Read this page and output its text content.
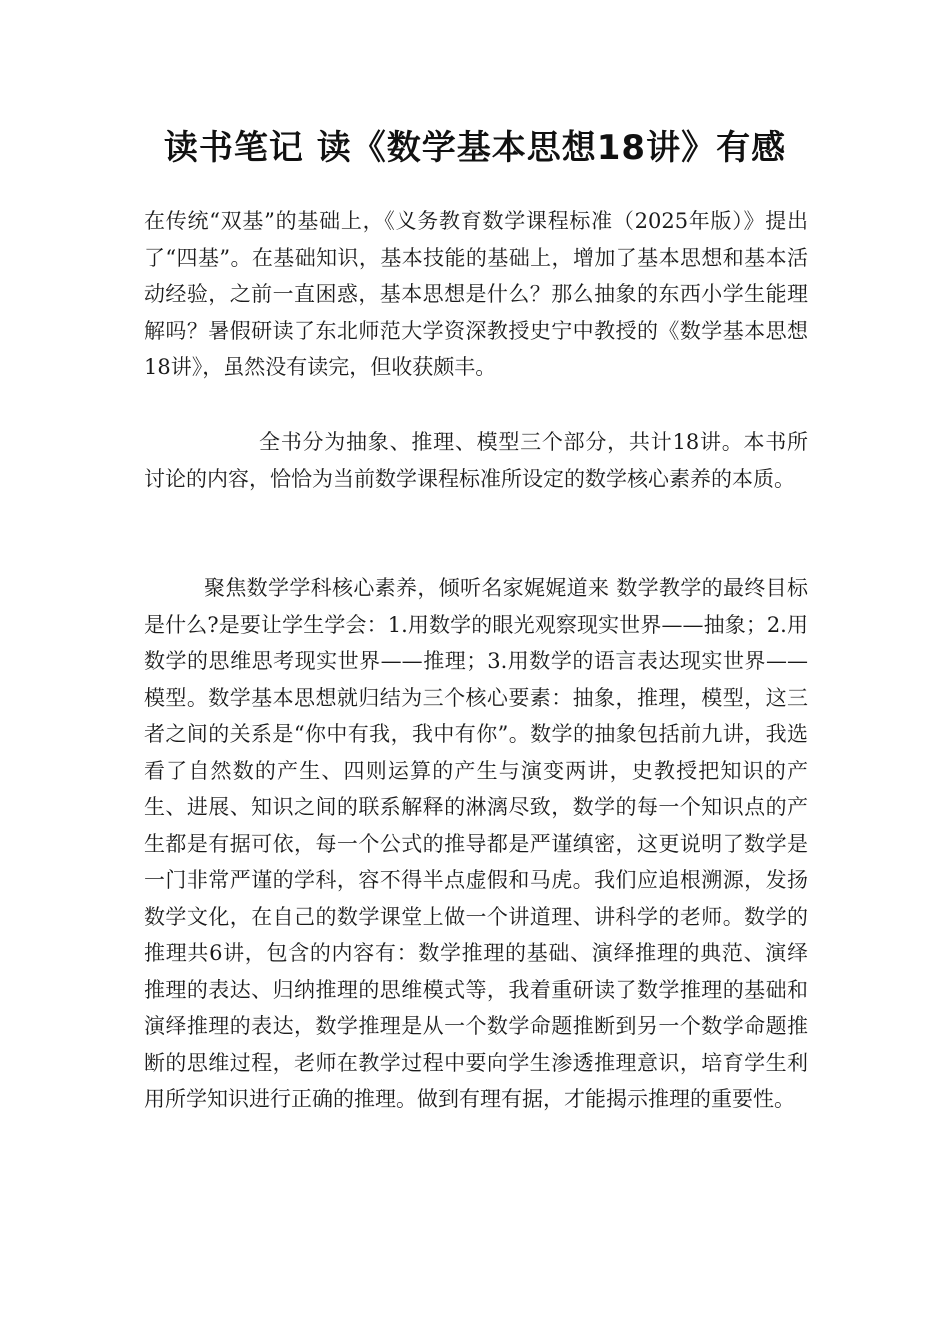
读书笔记 读《数学基本思想18讲》有感

在传统“双基”的基础上，《义务教育数学课程标准（2025年版）》提出了“四基”。在基础知识，基本技能的基础上，增加了基本思想和基本活动经验，之前一直困惑，基本思想是什么？那么抽象的东西小学生能理解吗？暑假研读了东北师范大学资深教授史宁中教授的《数学基本思想18讲》，虽然没有读完，但收获颇丰。

全书分为抽象、推理、模型三个部分，共计18讲。本书所讨论的内容，恰恰为当前数学课程标准所设定的数学核心素养的本质。

聚焦数学学科核心素养，倾听名家娓娓道来 数学教学的最终目标是什么?是要让学生学会：1.用数学的眼光观察现实世界——抽象；2.用数学的思维思考现实世界——推理；3.用数学的语言表达现实世界——模型。数学基本思想就归结为三个核心要素：抽象，推理，模型，这三者之间的关系是“你中有我，我中有你”。数学的抽象包括前九讲，我选看了自然数的产生、四则运算的产生与演变两讲，史教授把知识的产生、进展、知识之间的联系解释的淋漓尽致，数学的每一个知识点的产生都是有据可依，每一个公式的推导都是严谨缜密，这更说明了数学是一门非常严谨的学科，容不得半点虚假和马虎。我们应追根溯源，发扬数学文化，在自己的数学课堂上做一个讲道理、讲科学的老师。数学的推理共6讲，包含的内容有：数学推理的基础、演绎推理的典范、演绎推理的表达、归纳推理的思维模式等，我着重研读了数学推理的基础和演绎推理的表达，数学推理是从一个数学命题推断到另一个数学命题推断的思维过程，老师在教学过程中要向学生渗透推理意识，培育学生利用所学知识进行正确的推理。做到有理有据，才能揭示推理的重要性。
